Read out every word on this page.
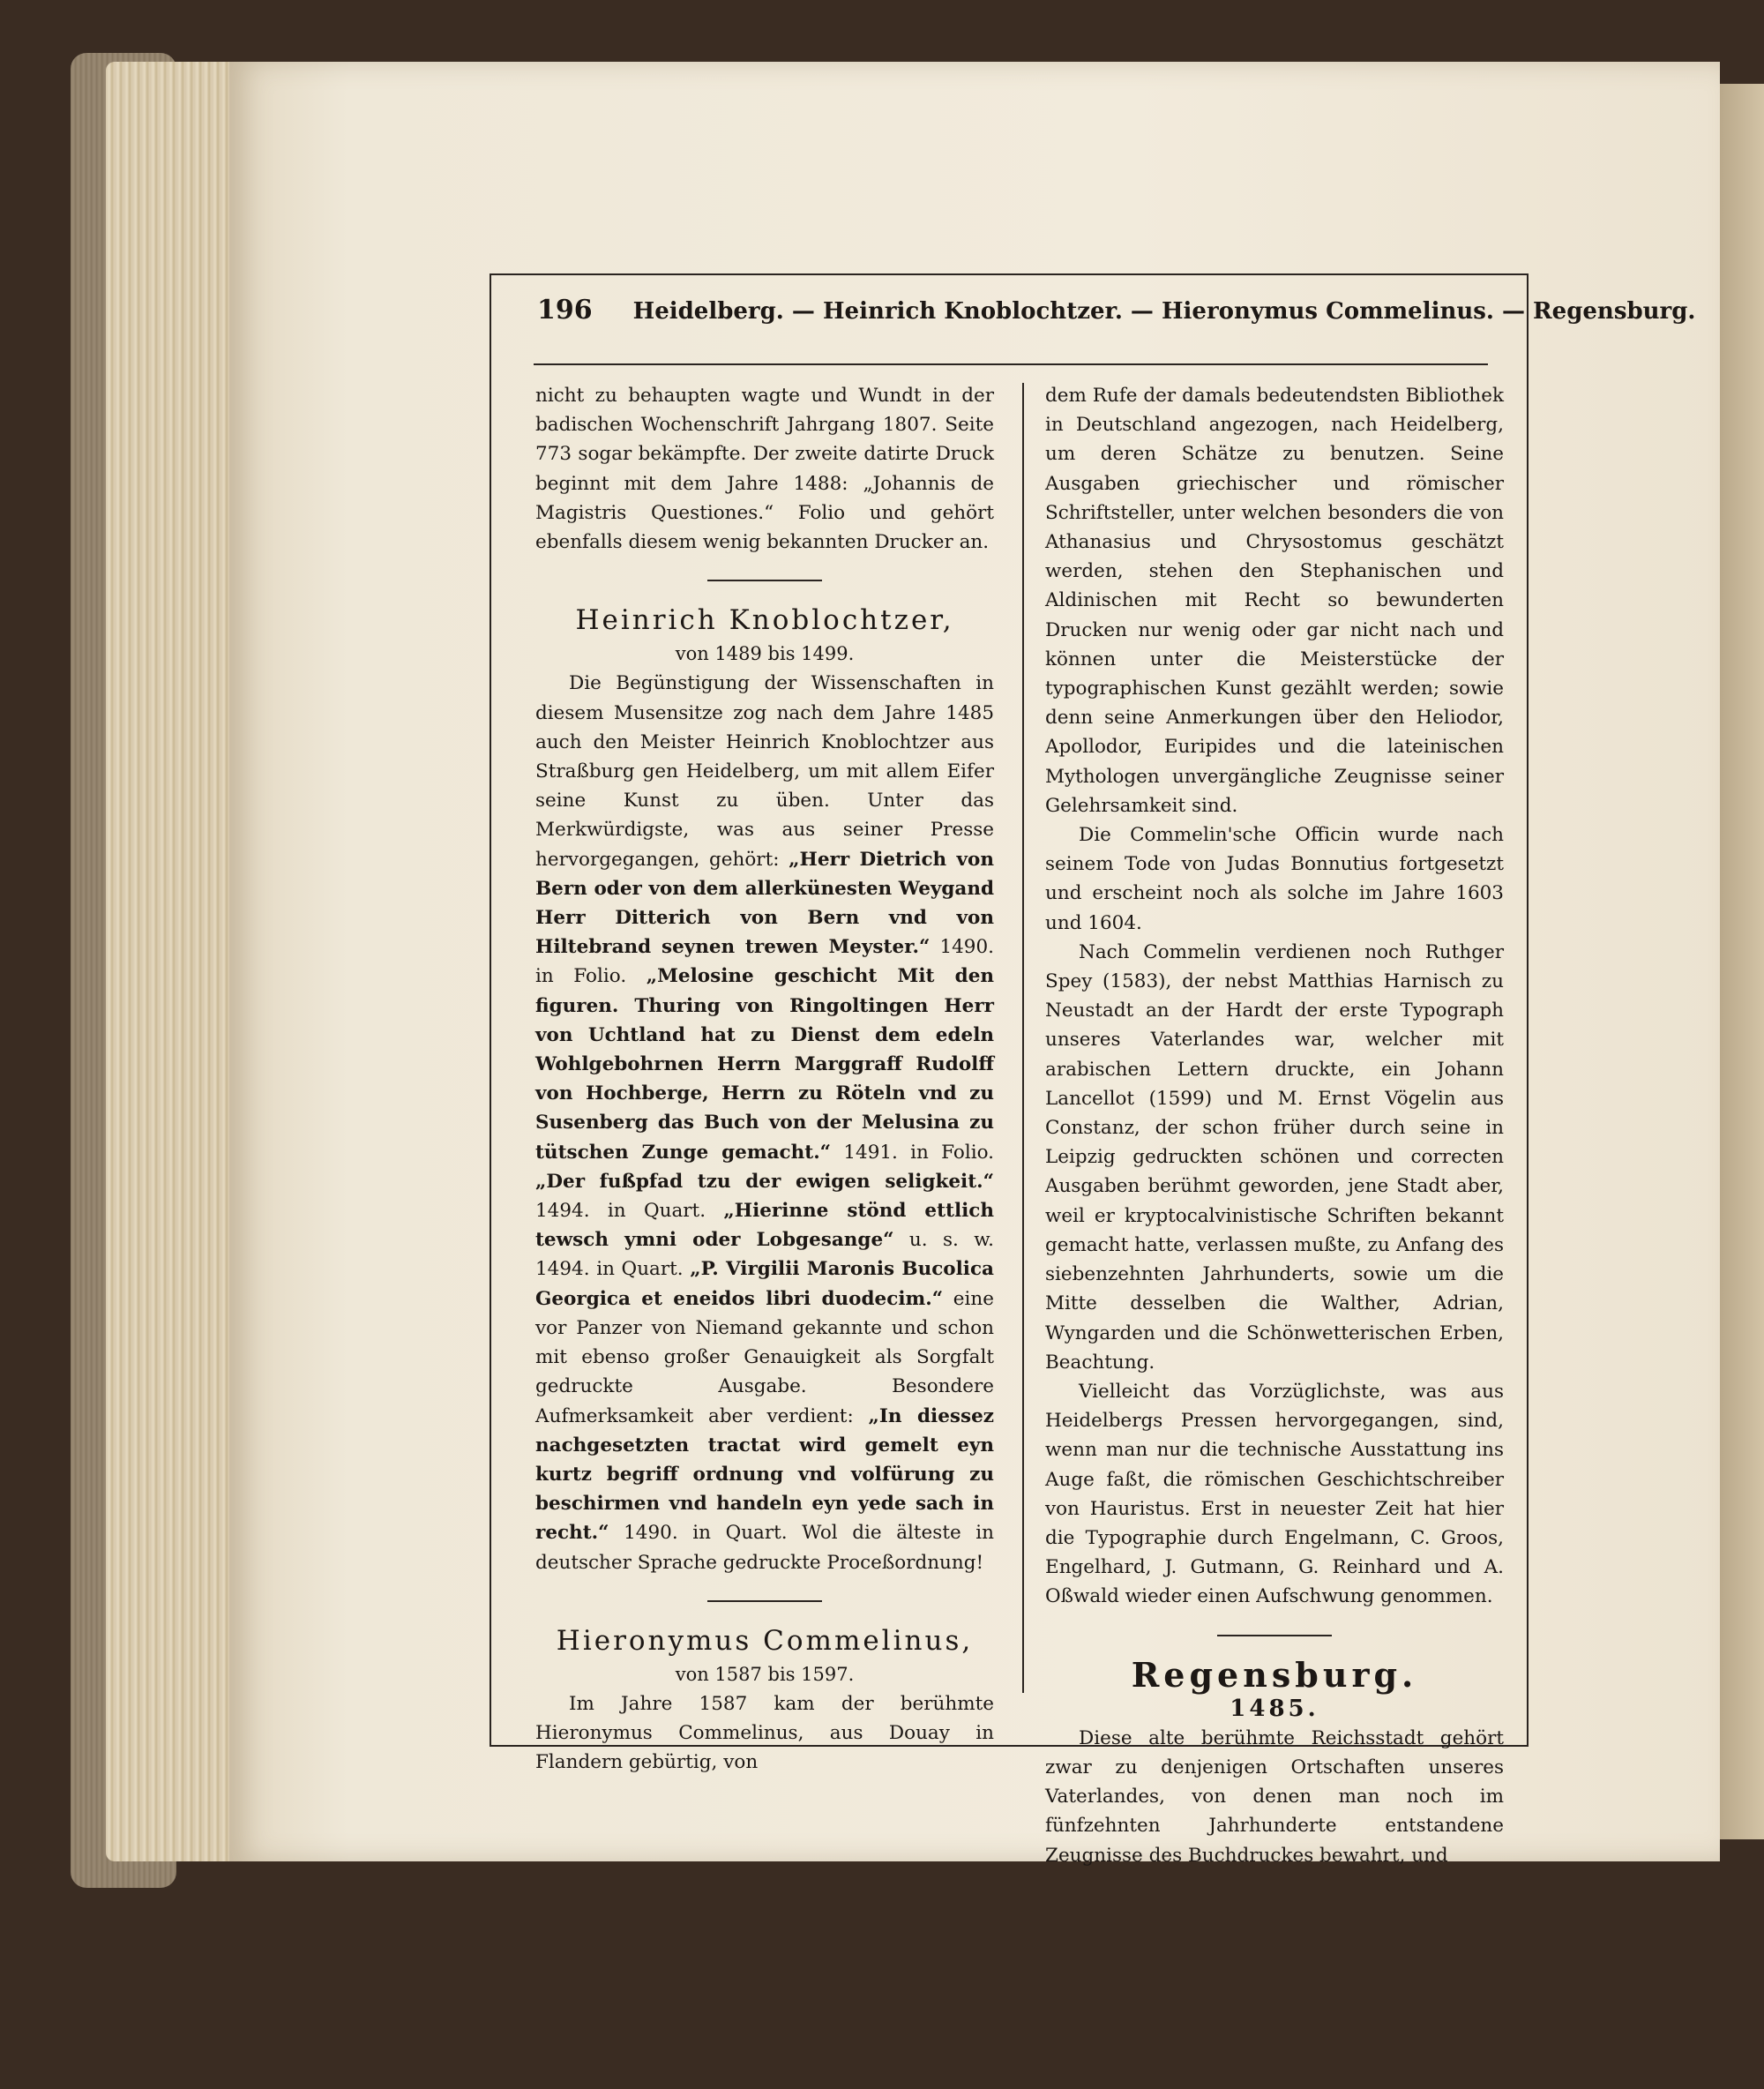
196 Heidelberg. — Heinrich Knoblochtzer. — Hieronymus Commelinus. — Regensburg.

nicht zu behaupten wagte und Wundt in der badischen Wochenschrift Jahrgang 1807. Seite 773 sogar bekämpfte. Der zweite datirte Druck beginnt mit dem Jahre 1488: „Johannis de Magistris Questiones.“ Folio und gehört ebenfalls diesem wenig bekannten Drucker an.

Heinrich Knoblochtzer,

von 1489 bis 1499.

Die Begünstigung der Wissenschaften in diesem Musensitze zog nach dem Jahre 1485 auch den Meister Heinrich Knoblochtzer aus Straßburg gen Heidelberg, um mit allem Eifer seine Kunst zu üben. Unter das Merkwürdigste, was aus seiner Presse hervorgegangen, gehört: „Herr Dietrich von Bern oder von dem allerkünesten Weygand Herr Ditterich von Bern vnd von Hiltebrand seynen trewen Meyster.“ 1490. in Folio. „Melosine geschicht Mit den figuren. Thuring von Ringoltingen Herr von Uchtland hat zu Dienst dem edeln Wohlgebohrnen Herrn Marggraff Rudolff von Hochberge, Herrn zu Röteln vnd zu Susenberg das Buch von der Melusina zu tütschen Zunge gemacht.“ 1491. in Folio. „Der fußpfad tzu der ewigen seligkeit.“ 1494. in Quart. „Hierinne stönd ettlich tewsch ymni oder Lobgesange“ u. s. w. 1494. in Quart. „P. Virgilii Maronis Bucolica Georgica et eneidos libri duodecim.“ eine vor Panzer von Niemand gekannte und schon mit ebenso großer Genauigkeit als Sorgfalt gedruckte Ausgabe. Besondere Aufmerksamkeit aber verdient: „In diessez nachgesetzten tractat wird gemelt eyn kurtz begriff ordnung vnd volfürung zu beschirmen vnd handeln eyn yede sach in recht.“ 1490. in Quart. Wol die älteste in deutscher Sprache gedruckte Proceßordnung!

Hieronymus Commelinus,

von 1587 bis 1597.

Im Jahre 1587 kam der berühmte Hieronymus Commelinus, aus Douay in Flandern gebürtig, von

dem Rufe der damals bedeutendsten Bibliothek in Deutschland angezogen, nach Heidelberg, um deren Schätze zu benutzen. Seine Ausgaben griechischer und römischer Schriftsteller, unter welchen besonders die von Athanasius und Chrysostomus geschätzt werden, stehen den Stephanischen und Aldinischen mit Recht so bewunderten Drucken nur wenig oder gar nicht nach und können unter die Meisterstücke der typographischen Kunst gezählt werden; sowie denn seine Anmerkungen über den Heliodor, Apollodor, Euripides und die lateinischen Mythologen unvergängliche Zeugnisse seiner Gelehrsamkeit sind.

Die Commelin'sche Officin wurde nach seinem Tode von Judas Bonnutius fortgesetzt und erscheint noch als solche im Jahre 1603 und 1604.

Nach Commelin verdienen noch Ruthger Spey (1583), der nebst Matthias Harnisch zu Neustadt an der Hardt der erste Typograph unseres Vaterlandes war, welcher mit arabischen Lettern druckte, ein Johann Lancellot (1599) und M. Ernst Vögelin aus Constanz, der schon früher durch seine in Leipzig gedruckten schönen und correcten Ausgaben berühmt geworden, jene Stadt aber, weil er kryptocalvinistische Schriften bekannt gemacht hatte, verlassen mußte, zu Anfang des siebenzehnten Jahrhunderts, sowie um die Mitte desselben die Walther, Adrian, Wyngarden und die Schönwetterischen Erben, Beachtung.

Vielleicht das Vorzüglichste, was aus Heidelbergs Pressen hervorgegangen, sind, wenn man nur die technische Ausstattung ins Auge faßt, die römischen Geschichtschreiber von Hauristus. Erst in neuester Zeit hat hier die Typographie durch Engelmann, C. Groos, Engelhard, J. Gutmann, G. Reinhard und A. Oßwald wieder einen Aufschwung genommen.

Regensburg.

1485.

Diese alte berühmte Reichsstadt gehört zwar zu denjenigen Ortschaften unseres Vaterlandes, von denen man noch im fünfzehnten Jahrhunderte entstandene Zeugnisse des Buchdruckes bewahrt, und
